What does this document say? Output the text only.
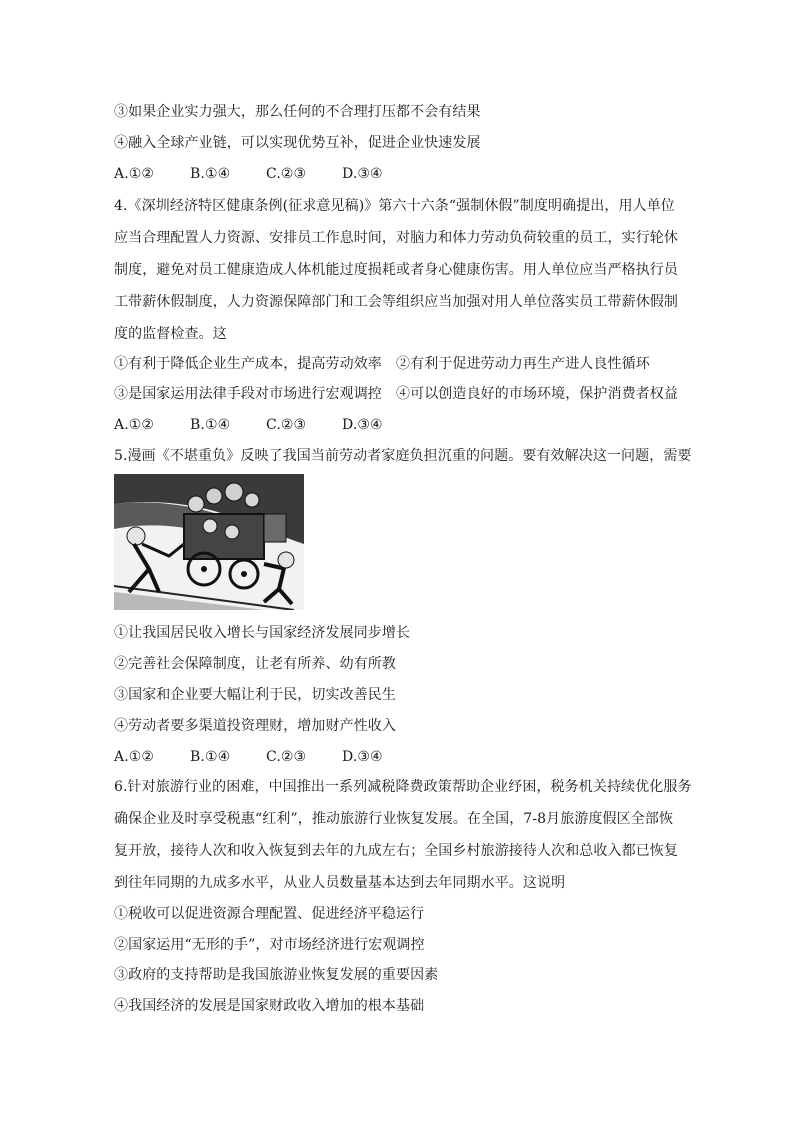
③如果企业实力强大，那么任何的不合理打压都不会有结果
④融入全球产业链，可以实现优势互补，促进企业快速发展
A.①②	B.①④	C.②③	D.③④
4.《深圳经济特区健康条例(征求意见稿)》第六十六条“强制休假”制度明确提出，用人单位
应当合理配置人力资源、安排员工作息时间，对脑力和体力劳动负荷较重的员工，实行轮休
制度，避免对员工健康造成人体机能过度损耗或者身心健康伤害。用人单位应当严格执行员
工带薪休假制度，人力资源保障部门和工会等组织应当加强对用人单位落实员工带薪休假制
度的监督检查。这
①有利于降低企业生产成本，提高劳动效率　②有利于促进劳动力再生产进人良性循环
③是国家运用法律手段对市场进行宏观调控　④可以创造良好的市场环境，保护消费者权益
A.①②	B.①④	C.②③	D.③④
5.漫画《不堪重负》反映了我国当前劳动者家庭负担沉重的问题。要有效解决这一问题，需要
①让我国居民收入增长与国家经济发展同步增长
②完善社会保障制度，让老有所养、幼有所教
③国家和企业要大幅让利于民，切实改善民生
④劳动者要多渠道投资理财，增加财产性收入
A.①②	B.①④	C.②③	D.③④
6.针对旅游行业的困难，中国推出一系列减税降费政策帮助企业纾困，税务机关持续优化服务
确保企业及时享受税惠“红利”，推动旅游行业恢复发展。在全国，7-8月旅游度假区全部恢
复开放，接待人次和收入恢复到去年的九成左右；全国乡村旅游接待人次和总收入都已恢复
到往年同期的九成多水平，从业人员数量基本达到去年同期水平。这说明
①税收可以促进资源合理配置、促进经济平稳运行
②国家运用“无形的手”，对市场经济进行宏观调控
③政府的支持帮助是我国旅游业恢复发展的重要因素
④我国经济的发展是国家财政收入增加的根本基础
